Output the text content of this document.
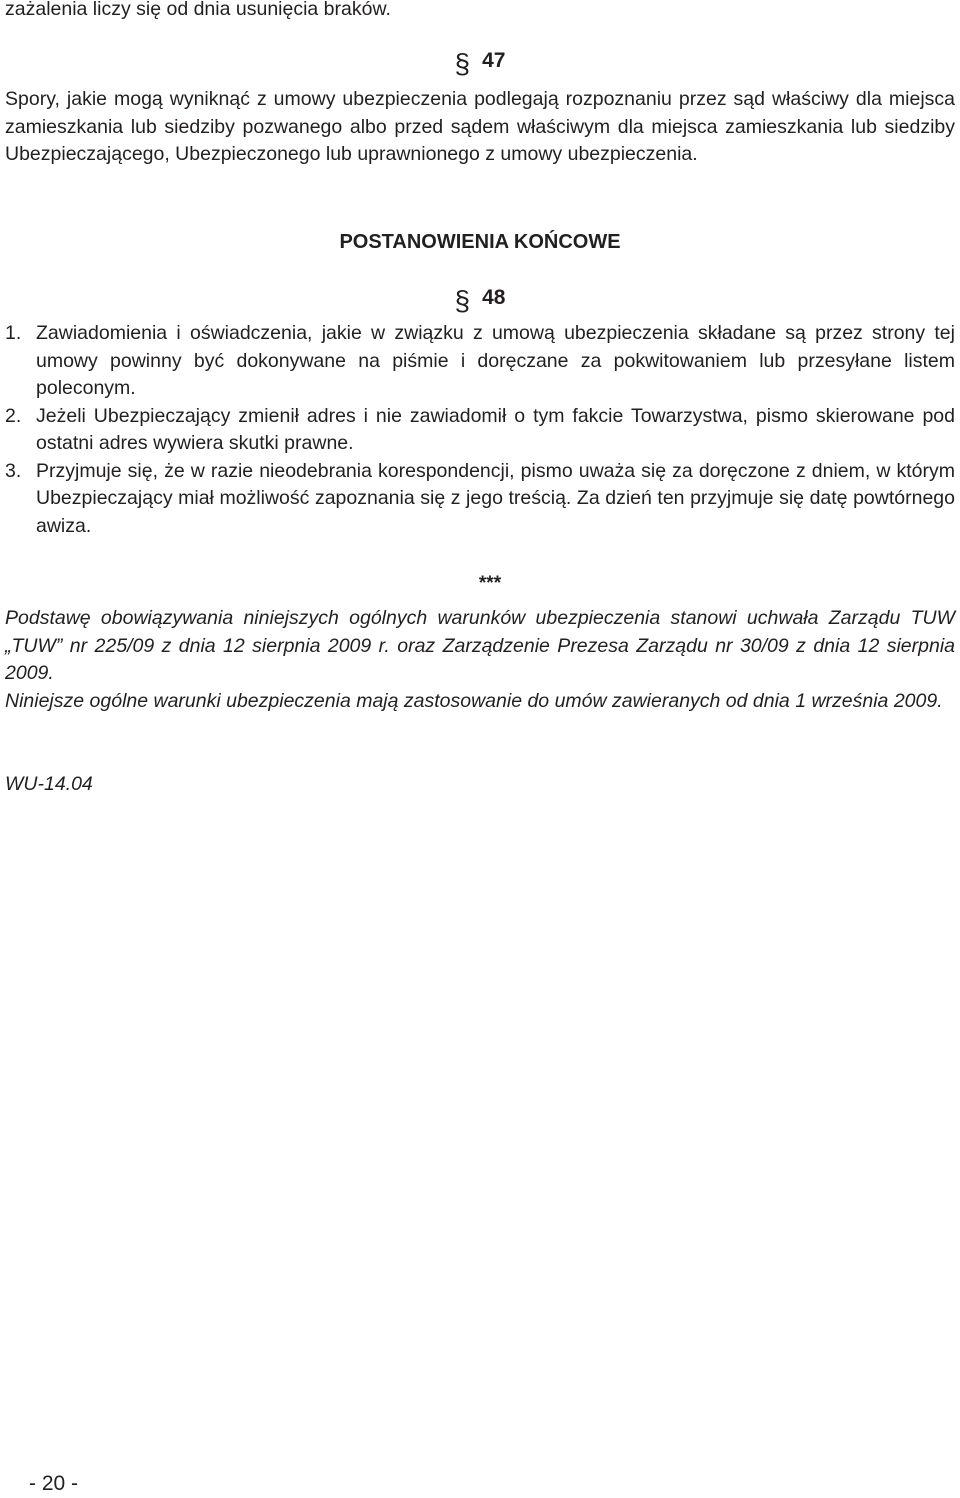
zażalenia liczy się od dnia usunięcia braków.
§ 47
Spory, jakie mogą wyniknąć z umowy ubezpieczenia podlegają rozpoznaniu przez sąd właściwy dla miejsca zamieszkania lub siedziby pozwanego albo przed sądem właściwym dla miejsca zamieszkania lub siedziby Ubezpieczającego, Ubezpieczonego lub uprawnionego z umowy ubezpieczenia.
POSTANOWIENIA KOŃCOWE
§ 48
1. Zawiadomienia i oświadczenia, jakie w związku z umową ubezpieczenia składane są przez strony tej umowy powinny być dokonywane na piśmie i doręczane za pokwitowaniem lub przesyłane listem poleconym.
2. Jeżeli Ubezpieczający zmienił adres i nie zawiadomił o tym fakcie Towarzystwa, pismo skierowane pod ostatni adres wywiera skutki prawne.
3. Przyjmuje się, że w razie nieodebrania korespondencji, pismo uważa się za doręczone z dniem, w którym Ubezpieczający miał możliwość zapoznania się z jego treścią. Za dzień ten przyjmuje się datę powtórnego awiza.
***
Podstawę obowiązywania niniejszych ogólnych warunków ubezpieczenia stanowi uchwała Zarządu TUW „TUW” nr 225/09 z dnia 12 sierpnia 2009 r. oraz Zarządzenie Prezesa Zarządu nr 30/09 z dnia 12 sierpnia 2009.
Niniejsze ogólne warunki ubezpieczenia mają zastosowanie do umów zawieranych od dnia 1 września 2009.
WU-14.04
- 20 -
